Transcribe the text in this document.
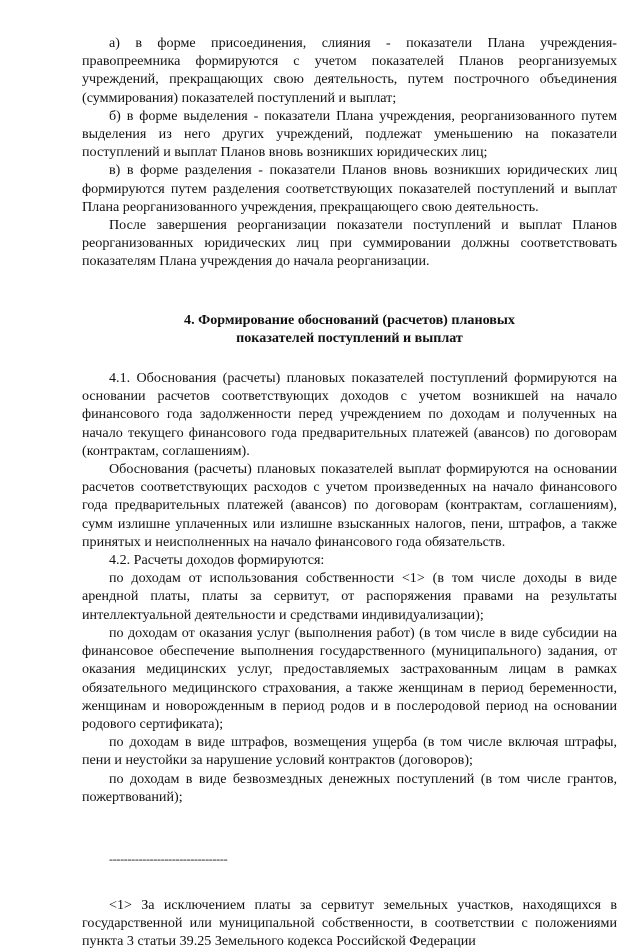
а) в форме присоединения, слияния - показатели Плана учреждения-правопреемника формируются с учетом показателей Планов реорганизуемых учреждений, прекращающих свою деятельность, путем построчного объединения (суммирования) показателей поступлений и выплат;

б) в форме выделения - показатели Плана учреждения, реорганизованного путем выделения из него других учреждений, подлежат уменьшению на показатели поступлений и выплат Планов вновь возникших юридических лиц;

в) в форме разделения - показатели Планов вновь возникших юридических лиц формируются путем разделения соответствующих показателей поступлений и выплат Плана реорганизованного учреждения, прекращающего свою деятельность.

После завершения реорганизации показатели поступлений и выплат Планов реорганизованных юридических лиц при суммировании должны соответствовать показателям Плана учреждения до начала реорганизации.

4. Формирование обоснований (расчетов) плановых

показателей поступлений и выплат

4.1. Обоснования (расчеты) плановых показателей поступлений формируются на основании расчетов соответствующих доходов с учетом возникшей на начало финансового года задолженности перед учреждением по доходам и полученных на начало текущего финансового года предварительных платежей (авансов) по договорам (контрактам, соглашениям).

Обоснования (расчеты) плановых показателей выплат формируются на основании расчетов соответствующих расходов с учетом произведенных на начало финансового года предварительных платежей (авансов) по договорам (контрактам, соглашениям), сумм излишне уплаченных или излишне взысканных налогов, пени, штрафов, а также принятых и неисполненных на начало финансового года обязательств.

4.2. Расчеты доходов формируются:

по доходам от использования собственности <1> (в том числе доходы в виде арендной платы, платы за сервитут, от распоряжения правами на результаты интеллектуальной деятельности и средствами индивидуализации);

по доходам от оказания услуг (выполнения работ) (в том числе в виде субсидии на финансовое обеспечение выполнения государственного (муниципального) задания, от оказания медицинских услуг, предоставляемых застрахованным лицам в рамках обязательного медицинского страхования, а также женщинам в период беременности, женщинам и новорожденным в период родов и в послеродовой период на основании родового сертификата);

по доходам в виде штрафов, возмещения ущерба (в том числе включая штрафы, пени и неустойки за нарушение условий контрактов (договоров);

по доходам в виде безвозмездных денежных поступлений (в том числе грантов, пожертвований);

--------------------------------

<1> За исключением платы за сервитут земельных участков, находящихся в государственной или муниципальной собственности, в соответствии с положениями пункта 3 статьи 39.25 Земельного кодекса Российской Федерации
